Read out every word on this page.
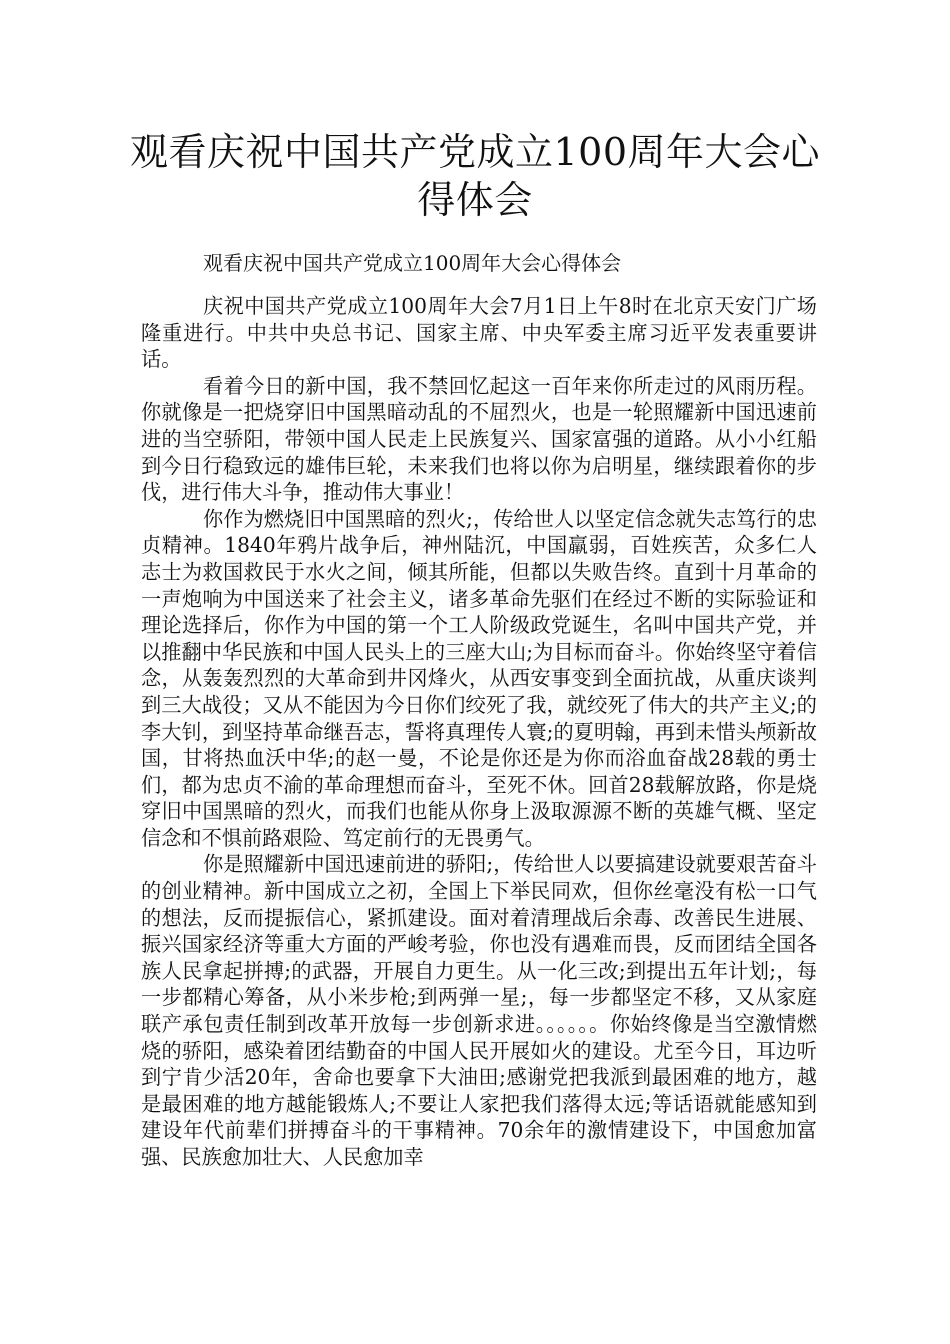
观看庆祝中国共产党成立100周年大会心得体会
观看庆祝中国共产党成立100周年大会心得体会

庆祝中国共产党成立100周年大会7月1日上午8时在北京天安门广场隆重进行。中共中央总书记、国家主席、中央军委主席习近平发表重要讲话。

看着今日的新中国，我不禁回忆起这一百年来你所走过的风雨历程。你就像是一把烧穿旧中国黑暗动乱的不屈烈火，也是一轮照耀新中国迅速前进的当空骄阳，带领中国人民走上民族复兴、国家富强的道路。从小小红船到今日行稳致远的雄伟巨轮，未来我们也将以你为启明星，继续跟着你的步伐，进行伟大斗争，推动伟大事业！

你作为燃烧旧中国黑暗的烈火;，传给世人以坚定信念就失志笃行的忠贞精神。1840年鸦片战争后，神州陆沉，中国羸弱，百姓疾苦，众多仁人志士为救国救民于水火之间，倾其所能，但都以失败告终。直到十月革命的一声炮响为中国送来了社会主义，诸多革命先驱们在经过不断的实际验证和理论选择后，你作为中国的第一个工人阶级政党诞生，名叫中国共产党，并以推翻中华民族和中国人民头上的三座大山;为目标而奋斗。你始终坚守着信念，从轰轰烈烈的大革命到井冈烽火，从西安事变到全面抗战，从重庆谈判到三大战役；又从不能因为今日你们绞死了我，就绞死了伟大的共产主义;的李大钊，到坚持革命继吾志，誓将真理传人寰;的夏明翰，再到未惜头颅新故国，甘将热血沃中华;的赵一曼，不论是你还是为你而浴血奋战28载的勇士们，都为忠贞不渝的革命理想而奋斗，至死不休。回首28载解放路，你是烧穿旧中国黑暗的烈火，而我们也能从你身上汲取源源不断的英雄气概、坚定信念和不惧前路艰险、笃定前行的无畏勇气。

你是照耀新中国迅速前进的骄阳;，传给世人以要搞建设就要艰苦奋斗的创业精神。新中国成立之初，全国上下举民同欢，但你丝毫没有松一口气的想法，反而提振信心，紧抓建设。面对着清理战后余毒、改善民生进展、振兴国家经济等重大方面的严峻考验，你也没有遇难而畏，反而团结全国各族人民拿起拼搏;的武器，开展自力更生。从一化三改;到提出五年计划;，每一步都精心筹备，从小米步枪;到两弹一星;，每一步都坚定不移，又从家庭联产承包责任制到改革开放每一步创新求进。。。。。。你始终像是当空激情燃烧的骄阳，感染着团结勤奋的中国人民开展如火的建设。尤至今日，耳边听到宁肯少活20年，舍命也要拿下大油田;感谢党把我派到最困难的地方，越是最困难的地方越能锻炼人;不要让人家把我们落得太远;等话语就能感知到建设年代前辈们拼搏奋斗的干事精神。70余年的激情建设下，中国愈加富强、民族愈加壮大、人民愈加幸
